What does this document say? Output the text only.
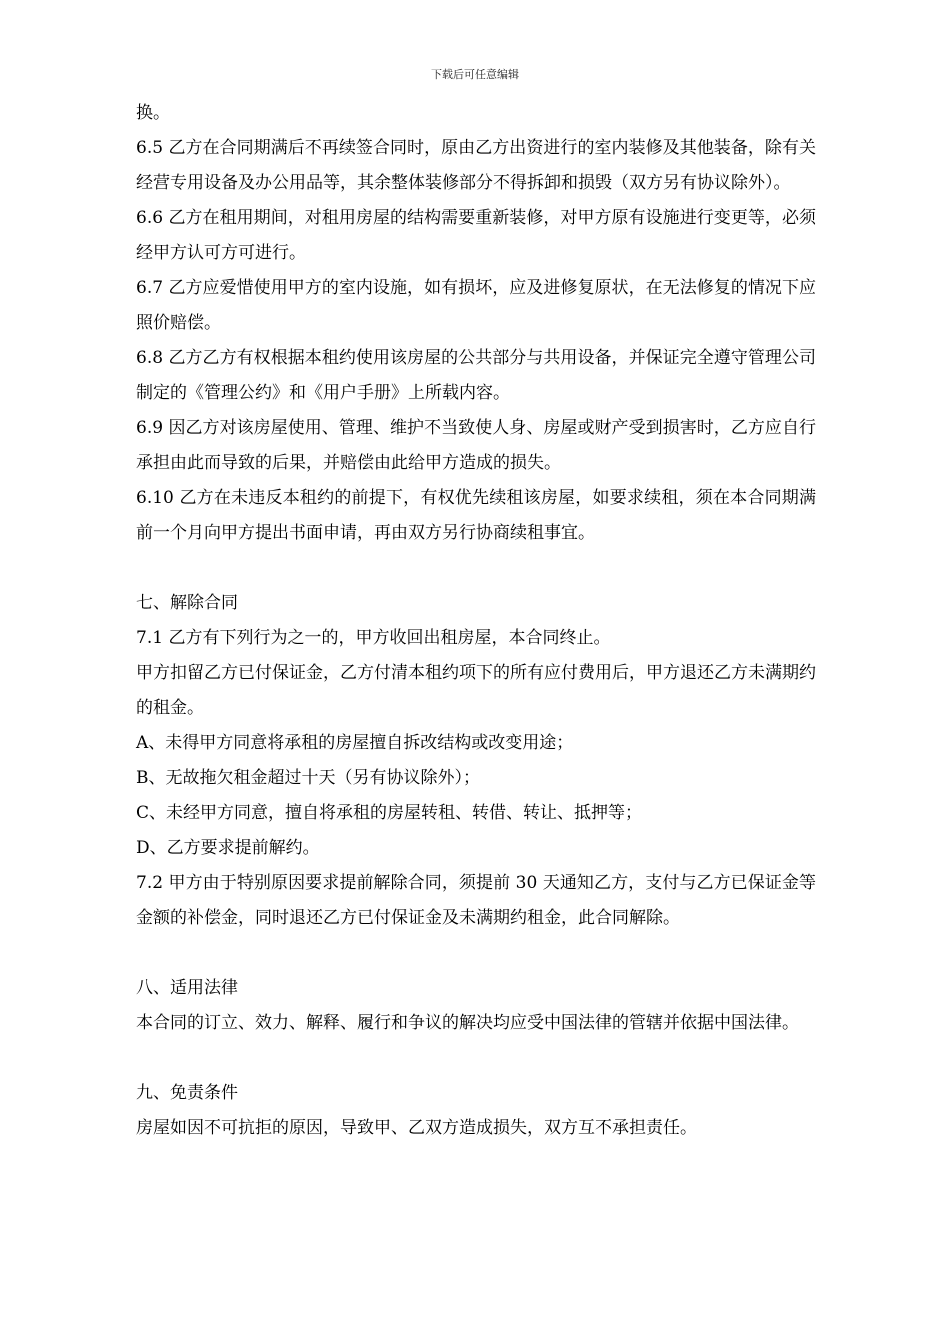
下载后可任意编辑

换。

6.5 乙方在合同期满后不再续签合同时，原由乙方出资进行的室内装修及其他装备，除有关经营专用设备及办公用品等，其余整体装修部分不得拆卸和损毁（双方另有协议除外）。

6.6 乙方在租用期间，对租用房屋的结构需要重新装修，对甲方原有设施进行变更等，必须经甲方认可方可进行。

6.7 乙方应爱惜使用甲方的室内设施，如有损坏，应及进修复原状，在无法修复的情况下应照价赔偿。

6.8 乙方乙方有权根据本租约使用该房屋的公共部分与共用设备，并保证完全遵守管理公司制定的《管理公约》和《用户手册》上所载内容。

6.9 因乙方对该房屋使用、管理、维护不当致使人身、房屋或财产受到损害时，乙方应自行承担由此而导致的后果，并赔偿由此给甲方造成的损失。

6.10 乙方在未违反本租约的前提下，有权优先续租该房屋，如要求续租，须在本合同期满前一个月向甲方提出书面申请，再由双方另行协商续租事宜。

七、解除合同

7.1 乙方有下列行为之一的，甲方收回出租房屋，本合同终止。

甲方扣留乙方已付保证金，乙方付清本租约项下的所有应付费用后，甲方退还乙方未满期约的租金。

A、未得甲方同意将承租的房屋擅自拆改结构或改变用途；

B、无故拖欠租金超过十天（另有协议除外）；

C、未经甲方同意，擅自将承租的房屋转租、转借、转让、抵押等；

D、乙方要求提前解约。

7.2 甲方由于特别原因要求提前解除合同，须提前 30 天通知乙方，支付与乙方已保证金等金额的补偿金，同时退还乙方已付保证金及未满期约租金，此合同解除。

八、适用法律

本合同的订立、效力、解释、履行和争议的解决均应受中国法律的管辖并依据中国法律。

九、免责条件

房屋如因不可抗拒的原因，导致甲、乙双方造成损失，双方互不承担责任。
